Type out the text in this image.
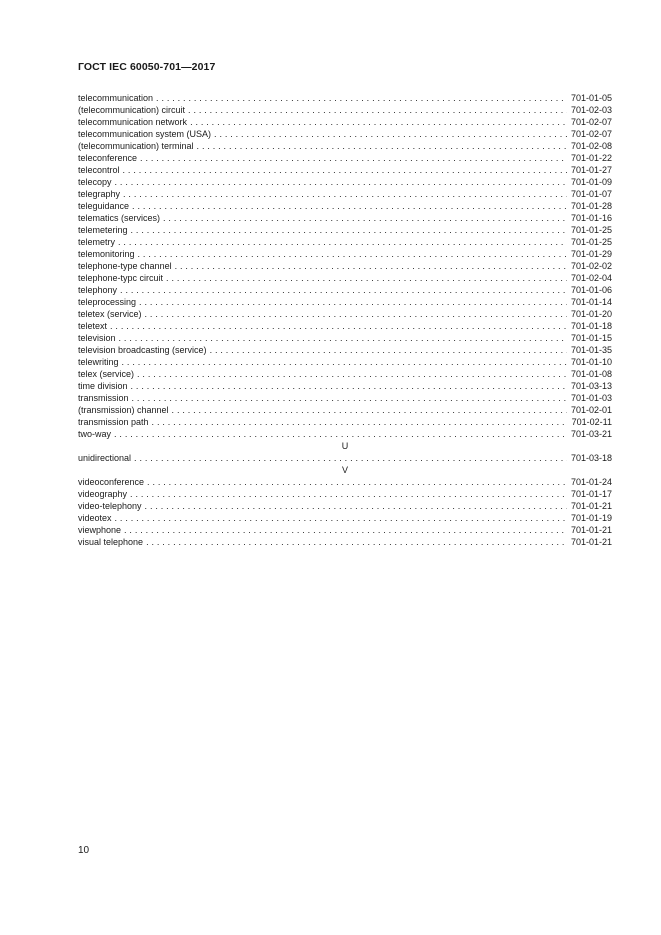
ГОСТ IEC 60050-701—2017
telecommunication . . .	701-01-05
(telecommunication) circuit . . .	701-02-03
telecommunication network . . .	701-02-07
telecommunication system (USA) . . .	701-02-07
(telecommunication) terminal . . .	701-02-08
teleconference . . .	701-01-22
telecontrol . . .	701-01-27
telecopy . . .	701-01-09
telegraphy . . .	701-01-07
teleguidance . . .	701-01-28
telematics (services) . . .	701-01-16
telemetering . . .	701-01-25
telemetry . . .	701-01-25
telemonitoring . . .	701-01-29
telephone-type channel . . .	701-02-02
telephone-typc circuit . . .	701-02-04
telephony . . .	701-01-06
teleprocessing . . .	701-01-14
teletex (service) . . .	701-01-20
teletext . . .	701-01-18
television . . .	701-01-15
television broadcasting (service) . . .	701-01-35
telewriting . . .	701-01-10
telex (service) . . .	701-01-08
time division . . .	701-03-13
transmission . . .	701-01-03
(transmission) channel . . .	701-02-01
transmission path . . .	701-02-11
two-way . . .	701-03-21
U
unidirectional . . .	701-03-18
V
videoconference . . .	701-01-24
videography . . .	701-01-17
video-telephony . . .	701-01-21
videotex . . .	701-01-19
viewphone . . .	701-01-21
visual telephone . . .	701-01-21
10
